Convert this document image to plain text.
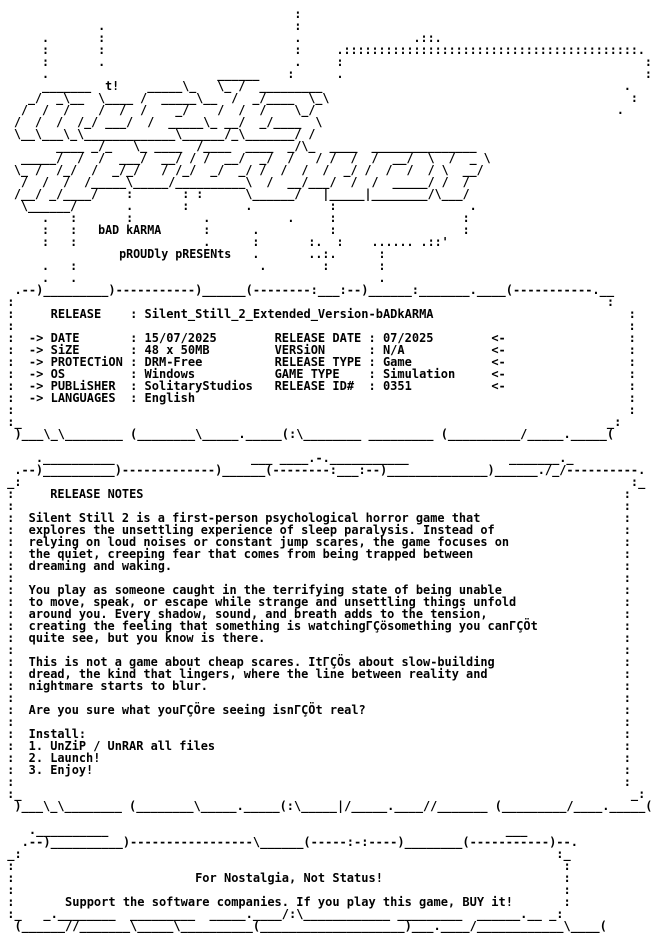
:
.                           :
.       :                           .                .::.
:       :                           :     .::::::::::::::::::::::::::::::::::::::::::.
:       .                           .     :                                           :
.                        ______    :      .                                           :
_______  t!    _____\_   \_ /  _________                                           .
_/  _\__  \____ /  _____\__  /  _/____  \_\                                           :
/  /  /    /  /  /    _/    /  /  /    \_/                                           .
/  /  /  /_/ ___/  /  _____\_ __/  _/____  \
\__\___\_\_____________\______/_\_______/ /
____ _/_   \_ ____  /____  ____  _/\_  ____  _______________
_____/  /  /  ___/  __/ / /  __/  _/  /   / /  /  /  __/  \  /  _ \
\_ /  /_/  /  _/_/   / /_/  _/  _/ /  /  /  /  _/ /  /  /  / \  __/
/  /  /  /_____\_____/__________\  /  __/___/  /  /  _____/ /  /
/__/ _/____/    :       : :      \______/   |_____|________/\___/
\______/       .       :        .           :                   .
.   :       :          .           .     :                  :
:   :   bAD kARMA      :      .          :                  :
:   :                  .      :       :.  :    ...... .::'
pROUDly pRESENts   .       ..:.      :
.   :                          .        :       :
.   .                                           .
.--)_________)-----------)______(--------:___:--)______:_______.____(-----------.__
:                                                                                  :
:     RELEASE    : Silent_Still_2_Extended_Version-bADkARMA	:
:	:
:  -> DATE       : 15/07/2025        RELEASE DATE : 07/2025        <-	:
:  -> SiZE       : 48 x 50MB         VERSiON      : N/A            <-	:
:  -> PROTECTiON : DRM-Free          RELEASE TYPE : Game           <-	:
:  -> OS         : Windows           GAME TYPE    : Simulation     <-	:
:  -> PUBLiSHER  : SolitaryStudios   RELEASE ID#  : 0351           <-	:
:  -> LANGUAGES  : English	:
:	:
:_                                                                                 _:
)___\_\________ (________\_____._____(:\________ _________ (__________/_____._____(
.__________                   ___ ____.-.___________              _______._
.--)__________)-------------)______(--------:___:--)______________)______./_/----------.
_:                                                                                     :_
:     RELEASE NOTES	:
:	:
:  Silent Still 2 is a first-person psychological horror game that	:
:  explores the unsettling experience of sleep paralysis. Instead of	:
:  relying on loud noises or constant jump scares, the game focuses on	:
:  the quiet, creeping fear that comes from being trapped between	:
:  dreaming and waking.	:
:	:
:  You play as someone caught in the terrifying state of being unable	:
:  to move, speak, or escape while strange and unsettling things unfold	:
:  around you. Every shadow, sound, and breath adds to the tension,	:
:  creating the feeling that something is watchingΓÇösomething you canΓÇÖt	:
:  quite see, but you know is there.	:
:	:
:  This is not a game about cheap scares. ItΓÇÖs about slow-building	:
:  dread, the kind that lingers, where the line between reality and	:
:  nightmare starts to blur.	:
:	:
:  Are you sure what youΓÇÖre seeing isnΓÇÖt real?	:
:	:
:  Install:	:
:  1. UnZiP / UnRAR all files	:
:  2. Launch!	:
:  3. Enjoy!	:
:	:
:_                                                                                     _:
)___\_\________ (________\_____._____(:\_____|/_____.____//_______ (_________/____._____(
.__________                                                       ___
.--)__________)-----------------\______(-----:-:----)________(-----------)--.
_:                                                                          :_
:                                                                            :
:                         For Nostalgia, Not Status!	:
:                                                                            :
:       Support the software companies. If you play this game, BUY it!	:
:_   _.________  _________  _____.____/:\____________ _________  ______.__ _:
(______//_______\_____\__________(____________________)___.____/____________\____(
